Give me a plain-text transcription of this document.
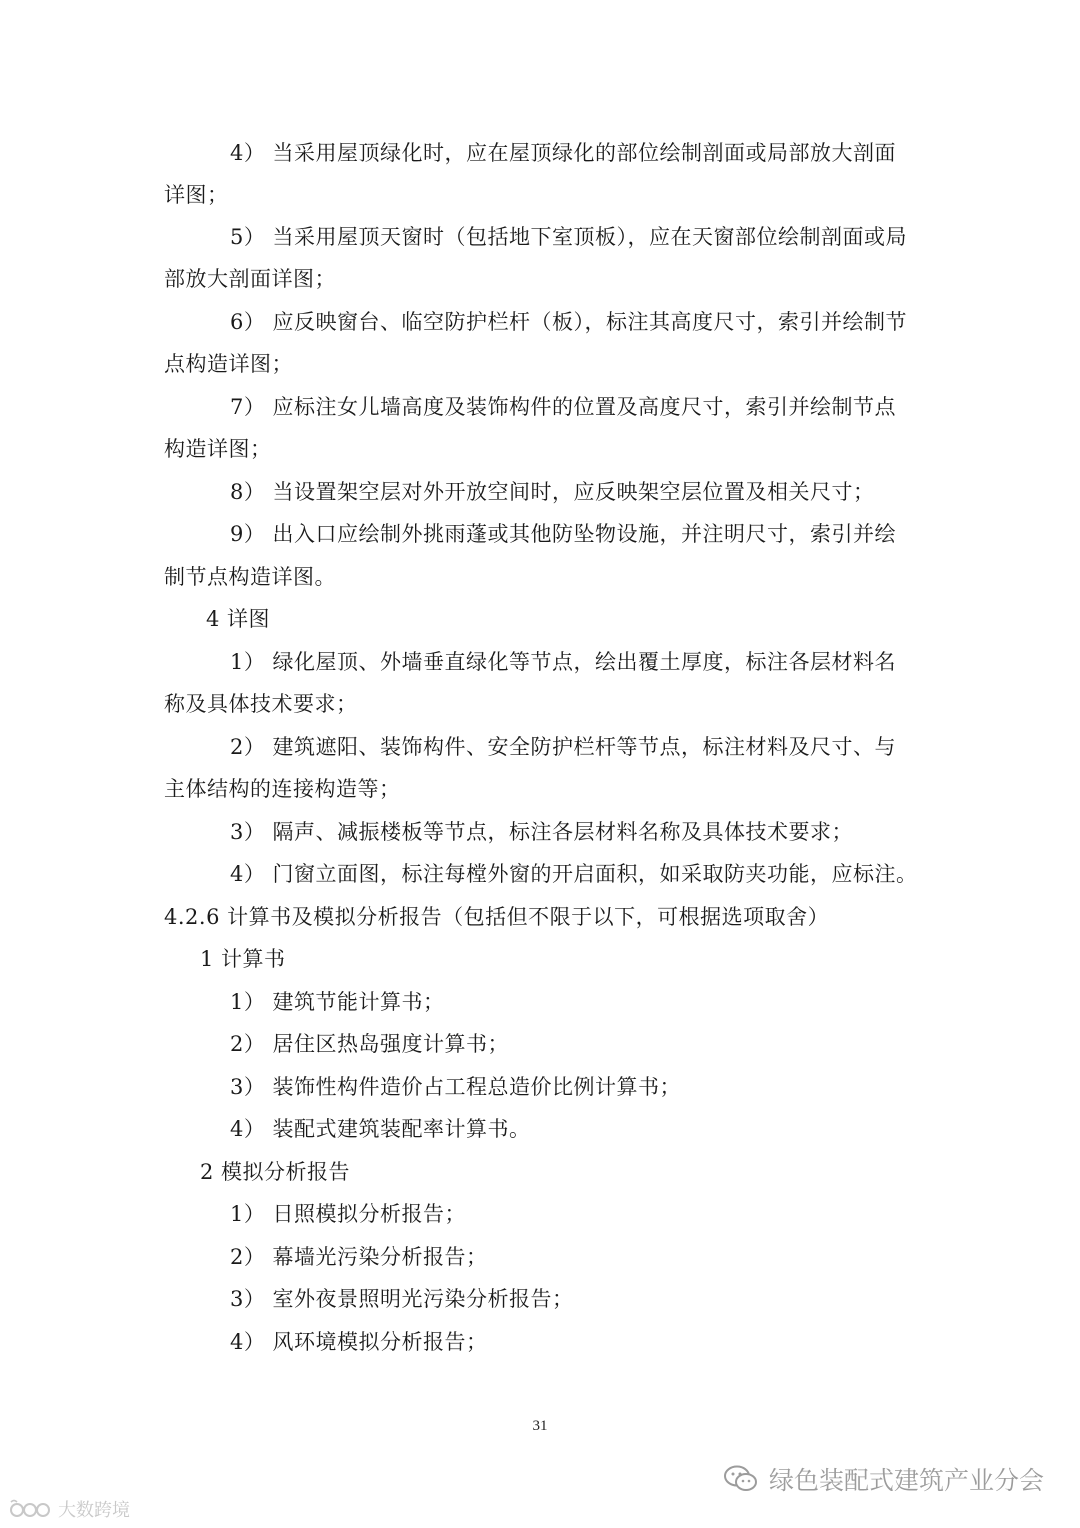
4） 当采用屋顶绿化时，应在屋顶绿化的部位绘制剖面或局部放大剖面
详图；
5） 当采用屋顶天窗时（包括地下室顶板），应在天窗部位绘制剖面或局
部放大剖面详图；
6） 应反映窗台、临空防护栏杆（板），标注其高度尺寸，索引并绘制节
点构造详图；
7） 应标注女儿墙高度及装饰构件的位置及高度尺寸，索引并绘制节点
构造详图；
8） 当设置架空层对外开放空间时，应反映架空层位置及相关尺寸；
9） 出入口应绘制外挑雨蓬或其他防坠物设施，并注明尺寸，索引并绘
制节点构造详图。
4 详图
1） 绿化屋顶、外墙垂直绿化等节点，绘出覆土厚度，标注各层材料名
称及具体技术要求；
2） 建筑遮阳、装饰构件、安全防护栏杆等节点，标注材料及尺寸、与
主体结构的连接构造等；
3） 隔声、减振楼板等节点，标注各层材料名称及具体技术要求；
4） 门窗立面图，标注每樘外窗的开启面积，如采取防夹功能，应标注。
4.2.6 计算书及模拟分析报告（包括但不限于以下，可根据选项取舍）
1 计算书
1） 建筑节能计算书；
2） 居住区热岛强度计算书；
3） 装饰性构件造价占工程总造价比例计算书；
4） 装配式建筑装配率计算书。
2 模拟分析报告
1） 日照模拟分析报告；
2） 幕墙光污染分析报告；
3） 室外夜景照明光污染分析报告；
4） 风环境模拟分析报告；
31
绿色装配式建筑产业分会
大数跨境
